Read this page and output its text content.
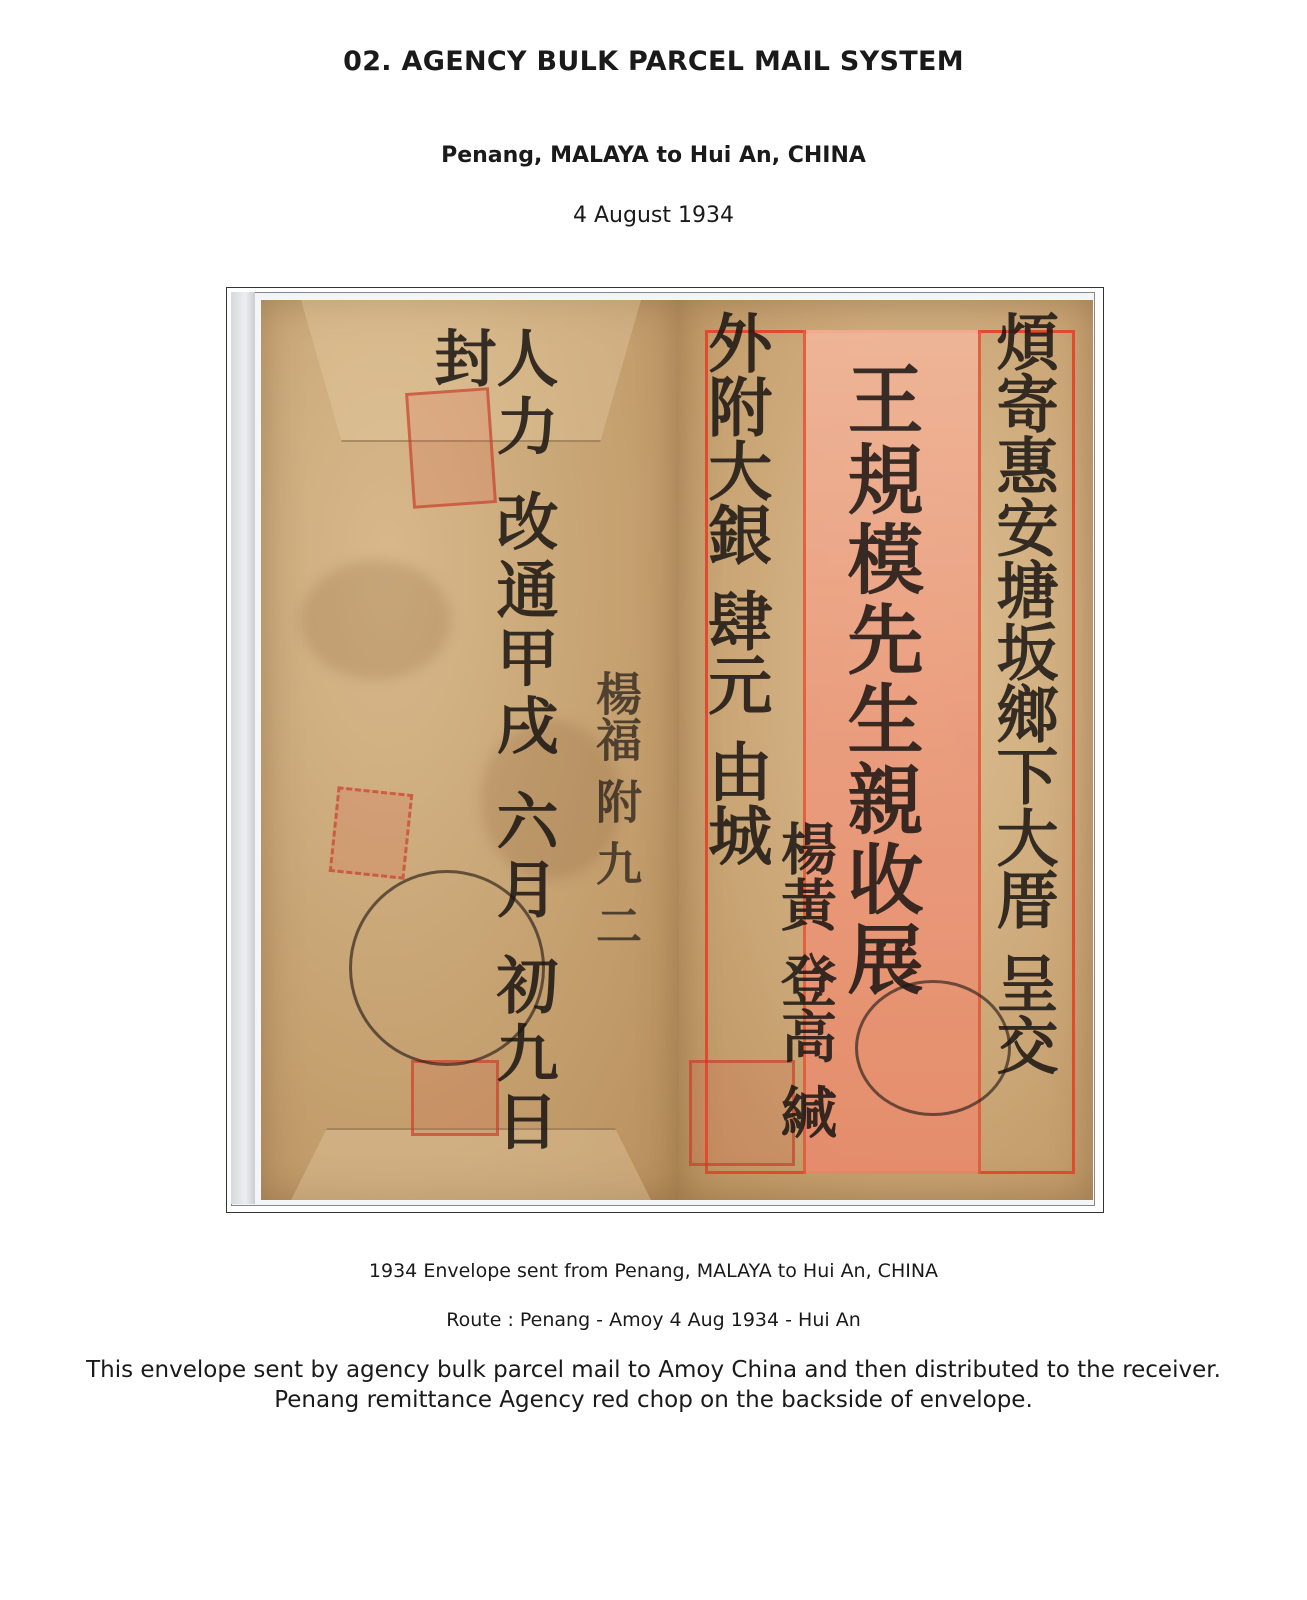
02. AGENCY BULK PARCEL MAIL SYSTEM
Penang, MALAYA to Hui An, CHINA
4 August 1934
人力 改通甲戌 六月 初九日 封
楊福 附 九 二 外附大銀 肆元 由城 王規模先生親收展 煩寄惠安塘坂鄉下大厝 呈交
楊黃 登高 緘
1934 Envelope sent from Penang, MALAYA to Hui An, CHINA
Route : Penang - Amoy 4 Aug 1934 - Hui An
This envelope sent by agency bulk parcel mail to Amoy China and then distributed to the receiver.
Penang remittance Agency red chop on the backside of envelope.
